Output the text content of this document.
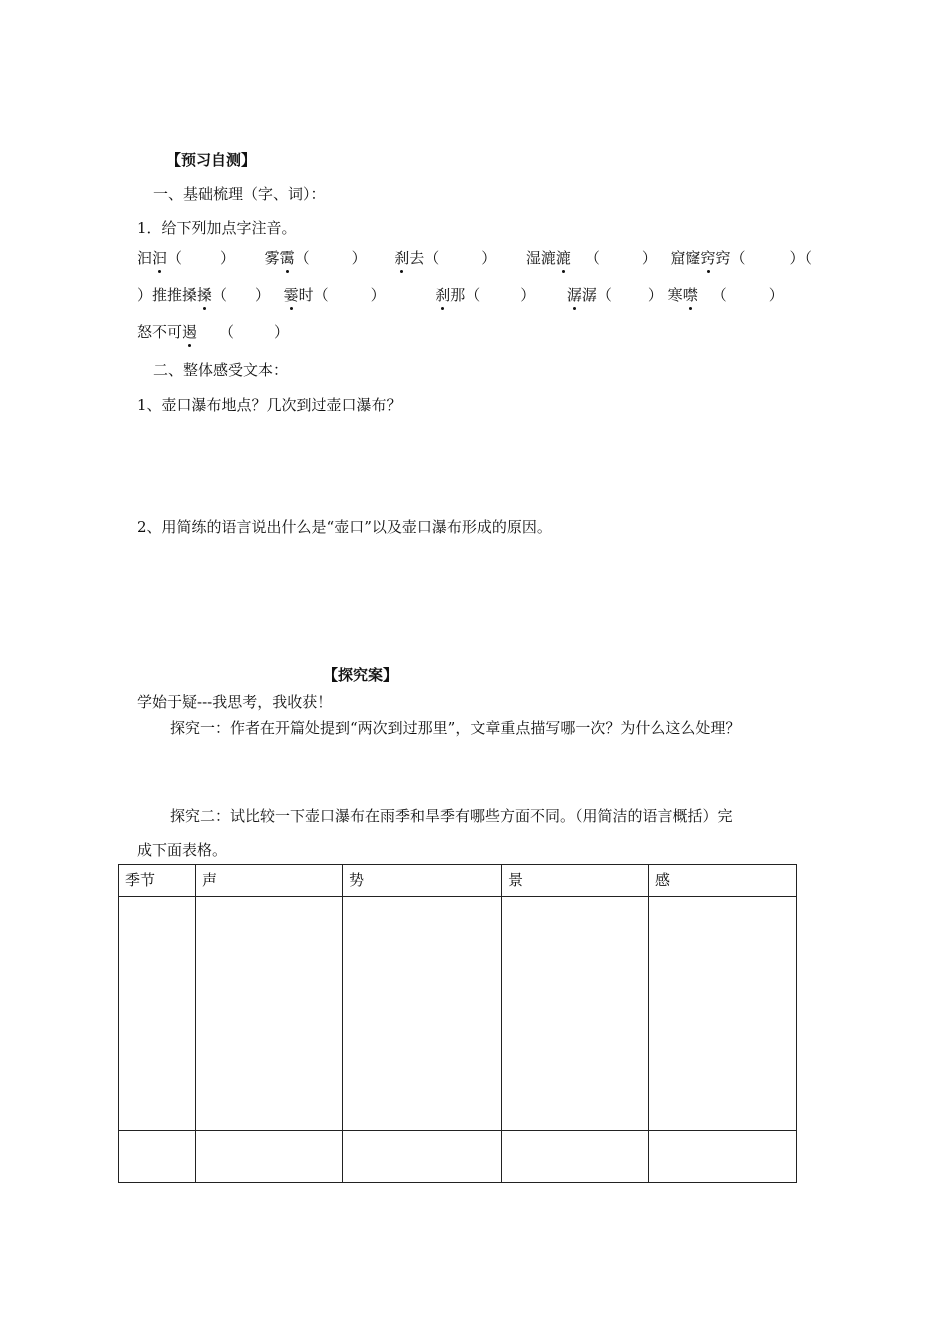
【预习自测】
一、基础梳理（字、词）：
1．给下列加点字注音。
汩汩（	） 雾霭（	） 刹去（	） 湿漉漉 （	） 窟窿窍窍（	）（
）推推搡搡（ ） 霎时（	）	刹那（	） 潺潺（ ） 寒噤 （	）
怒不可遏 （	）
二、整体感受文本：
1、壶口瀑布地点？几次到过壶口瀑布？
2、用简练的语言说出什么是“壶口”以及壶口瀑布形成的原因。
【探究案】
学始于疑---我思考，我收获！
探究一：作者在开篇处提到“两次到过那里”，文章重点描写哪一次？为什么这么处理？
探究二：试比较一下壶口瀑布在雨季和旱季有哪些方面不同。（用简洁的语言概括）完
成下面表格。
季节	声	势	景	感
